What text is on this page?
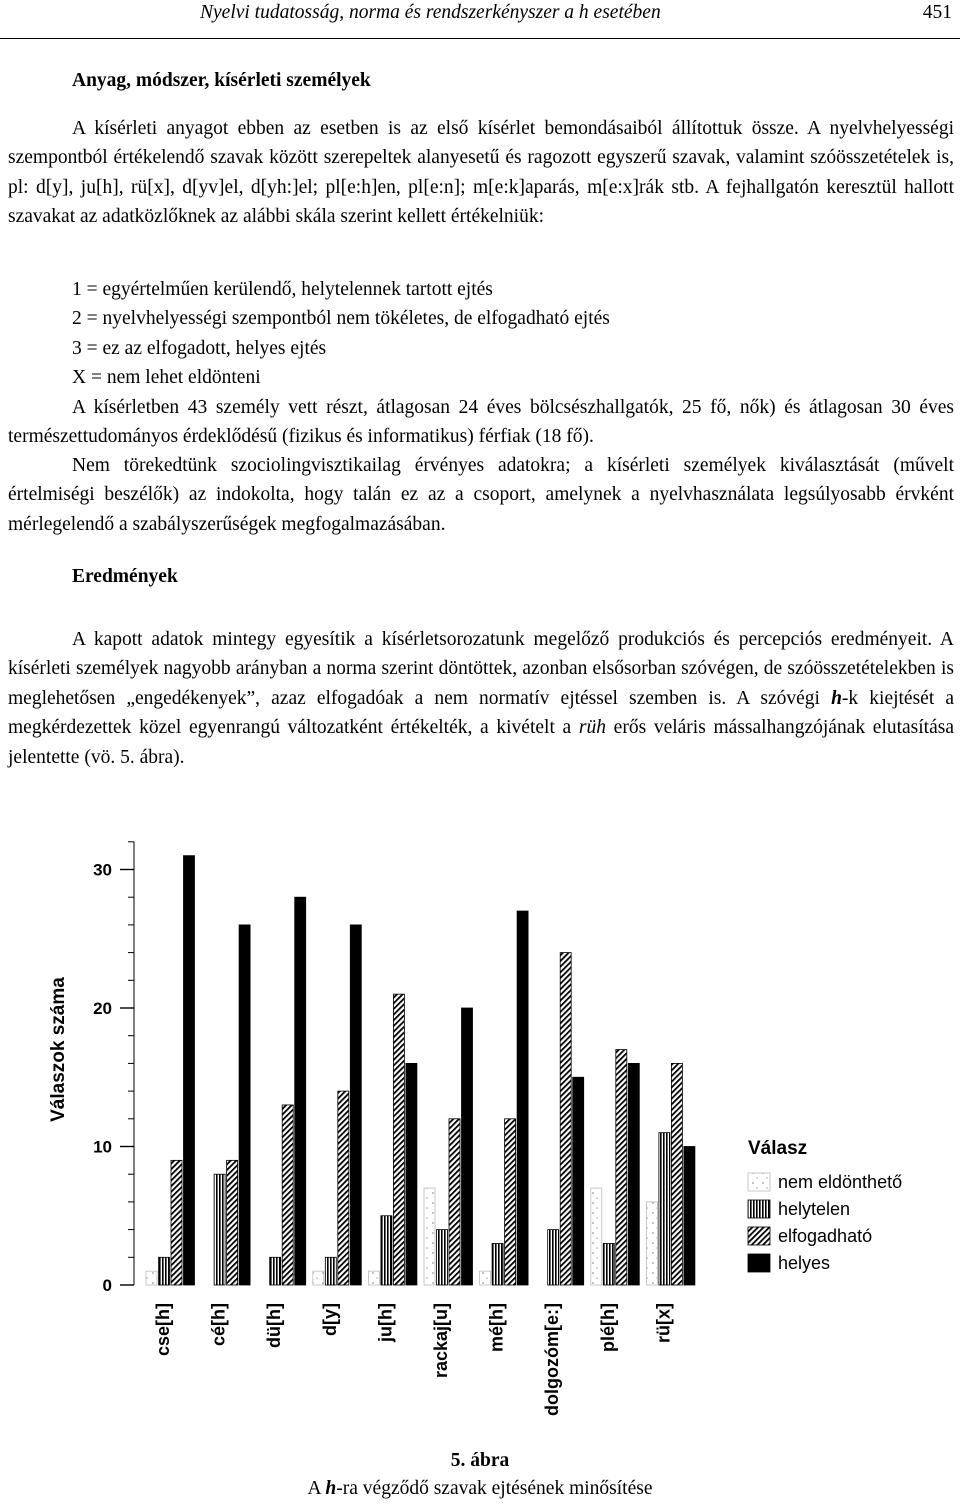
Nyelvi tudatosság, norma és rendszerkényszer a h esetében	451
Anyag, módszer, kísérleti személyek

A kísérleti anyagot ebben az esetben is az első kísérlet bemondásaiból állítottuk össze. A nyelvhelyességi szempontból értékelendő szavak között szerepeltek alanyesetű és ragozott egyszerű szavak, valamint szóösszetételek is, pl: d[y], ju[h], rü[x], d[yv]el, d[yh:]el; pl[e:h]en, pl[e:n]; m[e:k]aparás, m[e:x]rák stb. A fejhallgatón keresztül hallott szavakat az adatközlőknek az alábbi skála szerint kellett értékelniük:

1 = egyértelműen kerülendő, helytelennek tartott ejtés
2 = nyelvhelyességi szempontból nem tökéletes, de elfogadható ejtés
3 = ez az elfogadott, helyes ejtés
X = nem lehet eldönteni

A kísérletben 43 személy vett részt, átlagosan 24 éves bölcsészhallgatók, 25 fő, nők) és átlagosan 30 éves természettudományos érdeklődésű (fizikus és informatikus) férfiak (18 fő).

Nem törekedtünk szociolingvisztikailag érvényes adatokra; a kísérleti személyek kiválasztását (művelt értelmiségi beszélők) az indokolta, hogy talán ez az a csoport, amelynek a nyelvhasználata legsúlyosabb érvként mérlegelendő a szabályszerűségek megfogalmazásában.

Eredmények

A kapott adatok mintegy egyesítik a kísérletsorozatunk megelőző produkciós és percepciós eredményeit. A kísérleti személyek nagyobb arányban a norma szerint döntöttek, azonban elsősorban szóvégen, de szóösszetételekben is meglehetősen „engedékenyek”, azaz elfogadóak a nem normatív ejtéssel szemben is. A szóvégi h-k kiejtését a megkérdezettek közel egyenrangú változatként értékelték, a kivételt a rüh erős veláris mássalhangzójának elutasítása jelentette (vö. 5. ábra).

0
10
20
30
Válaszok száma
cse[h] cé[h] dü[h] d[y] ju[h] rackaj[u] mé[h] dolgozóm[e:] plé[h] rü[x]
Válasz
nem eldönthető
helytelen
elfogadható
helyes
5. ábra
A h-ra végződő szavak ejtésének minősítése
